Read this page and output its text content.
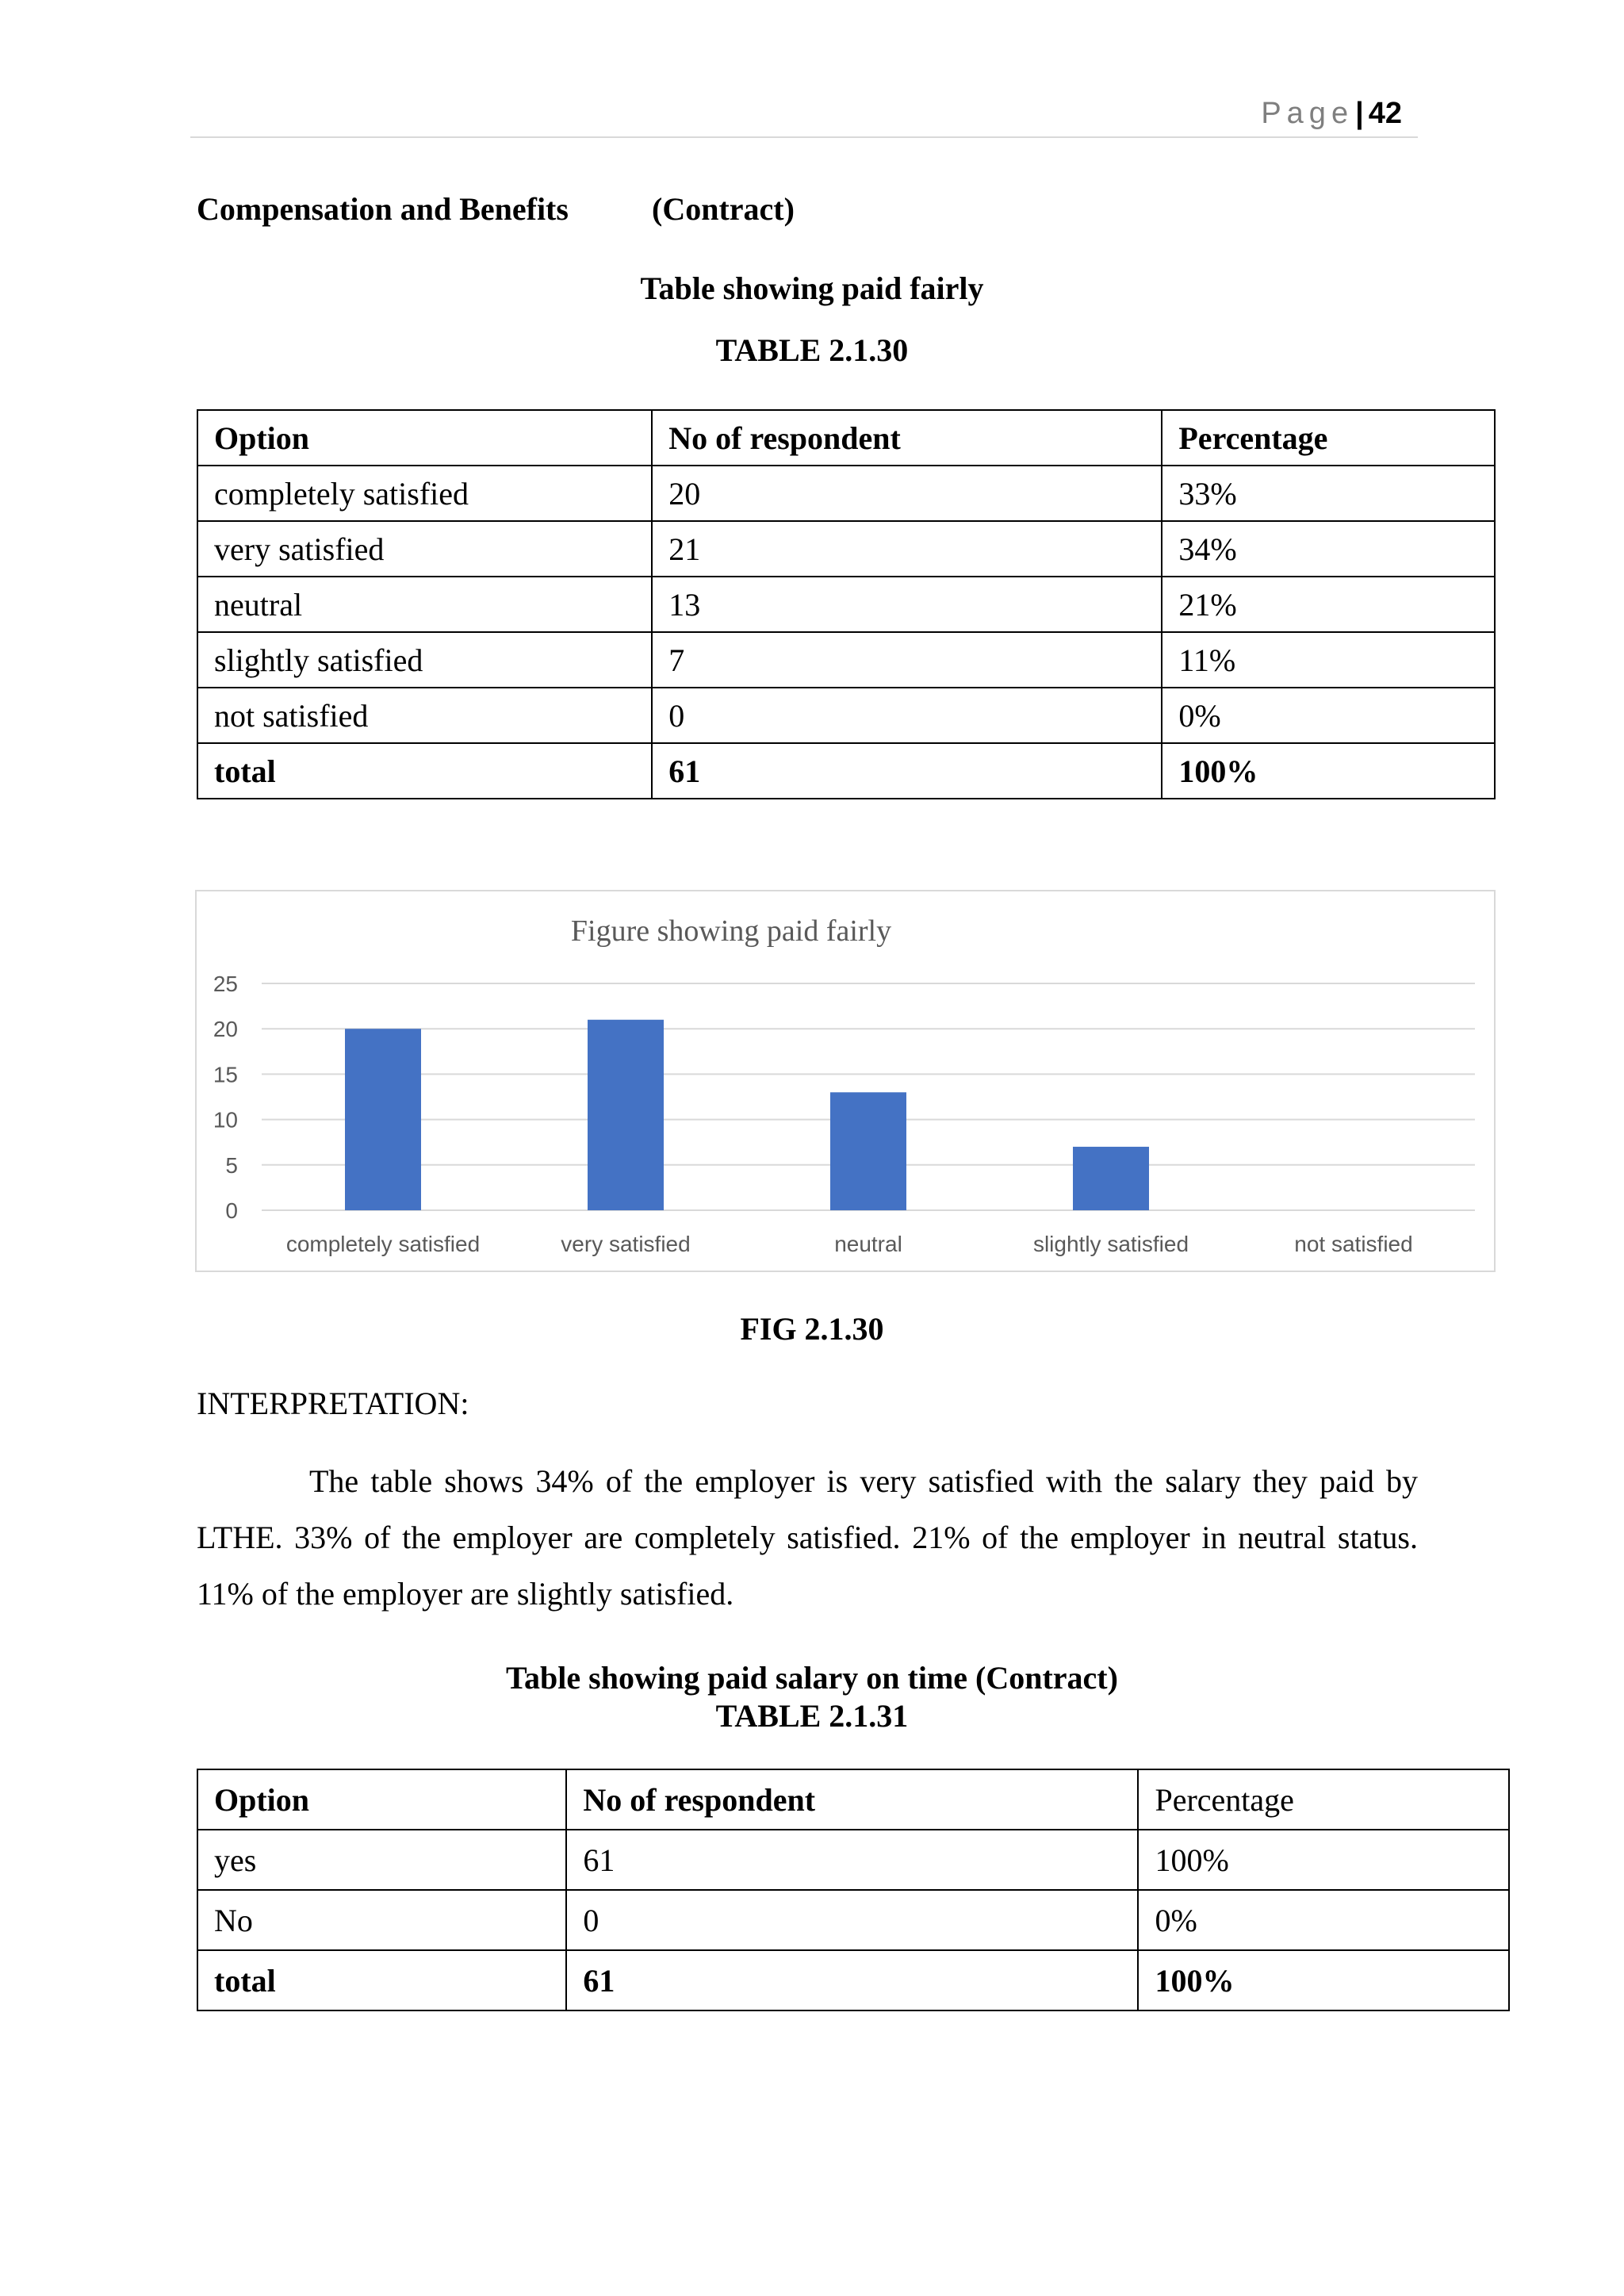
Page| 42
Compensation and Benefits	(Contract)
Table showing paid fairly
TABLE 2.1.30
Option	No of respondent	Percentage
completely satisfied	20	33%
very satisfied	21	34%
neutral	13	21%
slightly satisfied	7	11%
not satisfied	0	0%
total	61	100%
Figure showing paid fairly
0
5
10
15
20
25
completely satisfied	very satisfied	neutral	slightly satisfied	not satisfied
FIG 2.1.30
INTERPRETATION:

The table shows 34% of the employer is very satisfied with the salary they paid by LTHE. 33% of the employer are completely satisfied. 21% of the employer in neutral status. 11% of the employer are slightly satisfied.

Table showing paid salary on time (Contract)
TABLE 2.1.31
Option	No of respondent	Percentage
yes	61	100%
No	0	0%
total	61	100%
